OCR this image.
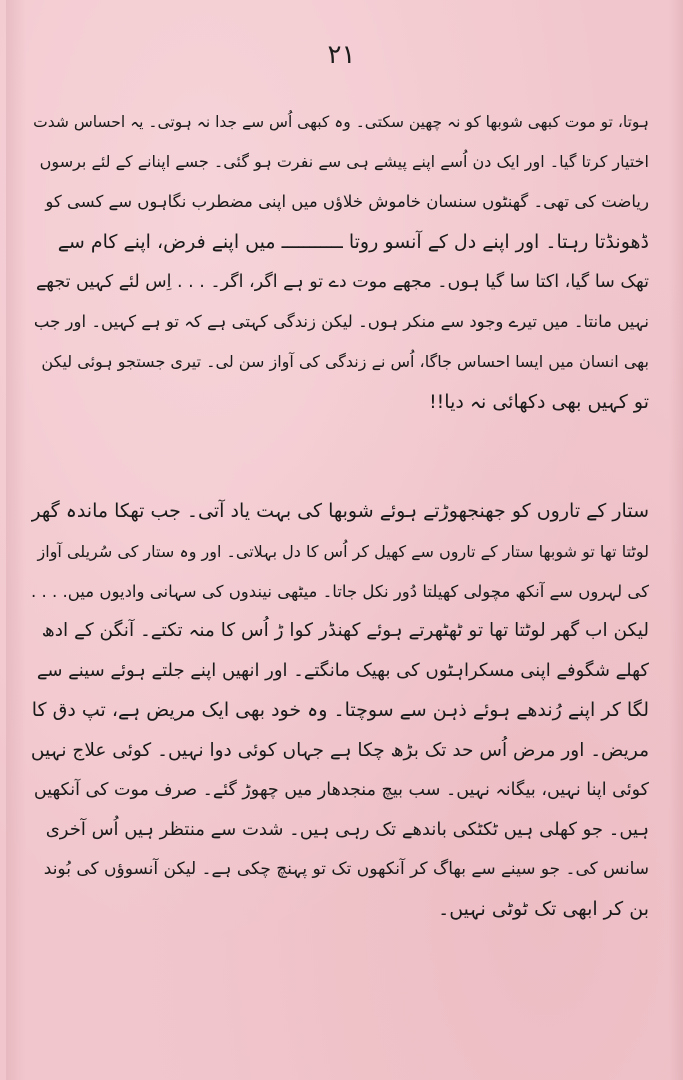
۲۱
ہوتا، تو موت کبھی شوبھا کو نہ چھین سکتی۔ وہ کبھی اُس سے جدا نہ ہوتی۔ یہ احساس شدت
اختیار کرتا گیا۔ اور ایک دن اُسے اپنے پیشے ہی سے نفرت ہو گئی۔ جسے اپنانے کے لئے برسوں
ریاضت کی تھی۔ گھنٹوں سنسان خاموش خلاؤں میں اپنی مضطرب نگاہوں سے کسی کو
ڈھونڈتا رہتا۔ اور اپنے دل کے آنسو روتا ـــــــــــ میں اپنے فرض، اپنے کام سے
تھک سا گیا، اکتا سا گیا ہوں۔ مجھے موت دے تو ہے اگر، اگر۔ . . . اِس لئے کہیں تجھے
نہیں مانتا۔ میں تیرے وجود سے منکر ہوں۔ لیکن زندگی کہتی ہے کہ تو ہے کہیں۔ اور جب
بھی انسان میں ایسا احساس جاگا، اُس نے زندگی کی آواز سن لی۔ تیری جستجو ہوئی لیکن
تو کہیں بھی دکھائی نہ دیا!!
ستار کے تاروں کو جھنجھوڑتے ہوئے شوبھا کی بہت یاد آتی۔ جب تھکا ماندہ گھر
لوٹتا تھا تو شوبھا ستار کے تاروں سے کھیل کر اُس کا دل بہلاتی۔ اور وہ ستار کی سُریلی آواز
کی لہروں سے آنکھ مچولی کھیلتا دُور نکل جاتا۔ میٹھی نیندوں کی سہانی وادیوں میں. . . .
لیکن اب گھر لوٹتا تھا تو ٹھٹھرتے ہوئے کھنڈر کوا ڑ اُس کا منہ تکتے۔ آنگن کے ادھ
کھلے شگوفے اپنی مسکراہٹوں کی بھیک مانگتے۔ اور انھیں اپنے جلتے ہوئے سینے سے
لگا کر اپنے رُندھے ہوئے ذہن سے سوچتا۔ وہ خود بھی ایک مریض ہے، تپ دق کا
مریض۔ اور مرض اُس حد تک بڑھ چکا ہے جہاں کوئی دوا نہیں۔ کوئی علاج نہیں
کوئی اپنا نہیں، بیگانہ نہیں۔ سب بیچ منجدھار میں چھوڑ گئے۔ صرف موت کی آنکھیں
ہیں۔ جو کھلی ہیں ٹکٹکی باندھے تک رہی ہیں۔ شدت سے منتظر ہیں اُس آخری
سانس کی۔ جو سینے سے بھاگ کر آنکھوں تک تو پہنچ چکی ہے۔ لیکن آنسوؤں کی بُوند
بن کر ابھی تک ٹوٹی نہیں۔
